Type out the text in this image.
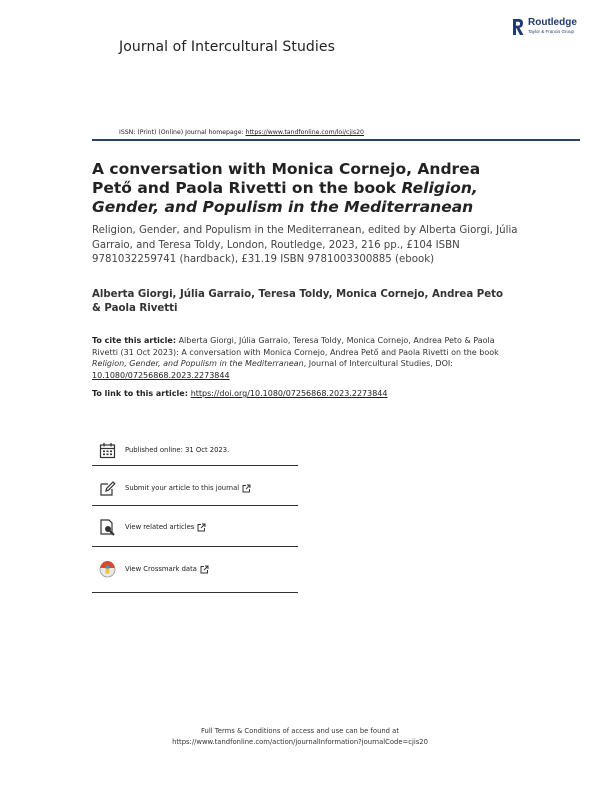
Journal of Intercultural Studies
Routledge
Taylor & Francis Group
ISSN: (Print) (Online) Journal homepage: https://www.tandfonline.com/loi/cjis20
A conversation with Monica Cornejo, Andrea Pető and Paola Rivetti on the book Religion, Gender, and Populism in the Mediterranean
Religion, Gender, and Populism in the Mediterranean, edited by Alberta Giorgi, Júlia Garraio, and Teresa Toldy, London, Routledge, 2023, 216 pp., £104 ISBN 9781032259741 (hardback), £31.19 ISBN 9781003300885 (ebook)
Alberta Giorgi, Júlia Garraio, Teresa Toldy, Monica Cornejo, Andrea Peto & Paola Rivetti
To cite this article: Alberta Giorgi, Júlia Garraio, Teresa Toldy, Monica Cornejo, Andrea Peto & Paola Rivetti (31 Oct 2023): A conversation with Monica Cornejo, Andrea Pető and Paola Rivetti on the book Religion, Gender, and Populism in the Mediterranean, Journal of Intercultural Studies, DOI: 10.1080/07256868.2023.2273844
To link to this article: https://doi.org/10.1080/07256868.2023.2273844
Published online: 31 Oct 2023.
Submit your article to this journal
View related articles
View Crossmark data
Full Terms & Conditions of access and use can be found at
https://www.tandfonline.com/action/journalInformation?journalCode=cjis20
